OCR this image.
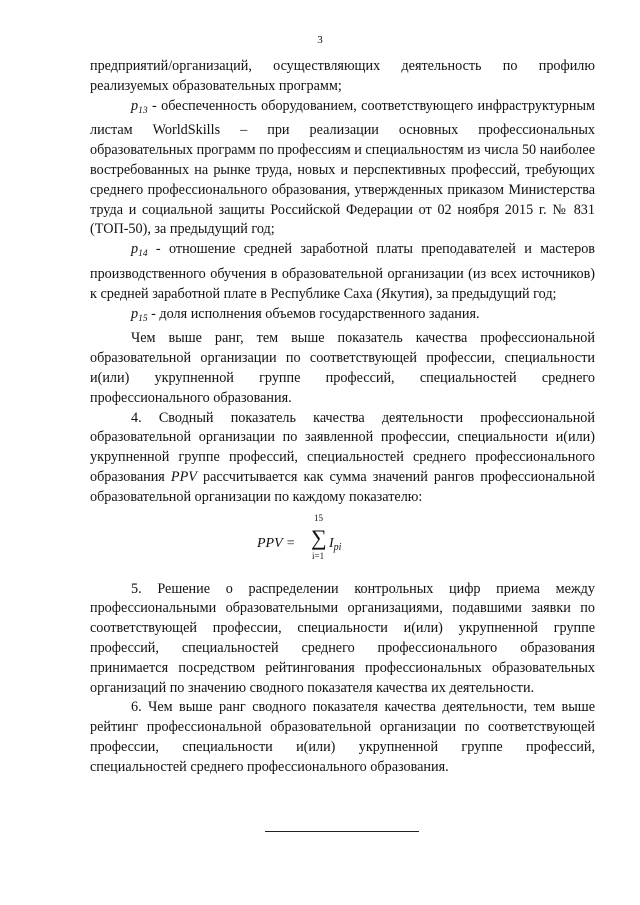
3

предприятий/организаций, осуществляющих деятельность по профилю реализуемых образовательных программ;

$p_{13}$ - обеспеченность оборудованием, соответствующего инфраструктурным листам WorldSkills – при реализации основных профессиональных образовательных программ по профессиям и специальностям из числа 50 наиболее востребованных на рынке труда, новых и перспективных профессий, требующих среднего профессионального образования, утвержденных приказом Министерства труда и социальной защиты Российской Федерации от 02 ноября 2015 г. № 831 (ТОП-50), за предыдущий год;

$p_{14}$ - отношение средней заработной платы преподавателей и мастеров производственного обучения в образовательной организации (из всех источников) к средней заработной плате в Республике Саха (Якутия), за предыдущий год;

$p_{15}$ - доля исполнения объемов государственного задания.

Чем выше ранг, тем выше показатель качества профессиональной образовательной организации по соответствующей профессии, специальности и(или) укрупненной группе профессий, специальностей среднего профессионального образования.

4. Сводный показатель качества деятельности профессиональной образовательной организации по заявленной профессии, специальности и(или) укрупненной группе профессий, специальностей среднего профессионального образования PPV рассчитывается как сумма значений рангов профессиональной образовательной организации по каждому показателю:

PPV =
15
∑
i=1
$I_{pi}$

5. Решение о распределении контрольных цифр приема между профессиональными образовательными организациями, подавшими заявки по соответствующей профессии, специальности и(или) укрупненной группе профессий, специальностей среднего профессионального образования принимается посредством рейтингования профессиональных образовательных организаций по значению сводного показателя качества их деятельности.

6. Чем выше ранг сводного показателя качества деятельности, тем выше рейтинг профессиональной образовательной организации по соответствующей профессии, специальности и(или) укрупненной группе профессий, специальностей среднего профессионального образования.
